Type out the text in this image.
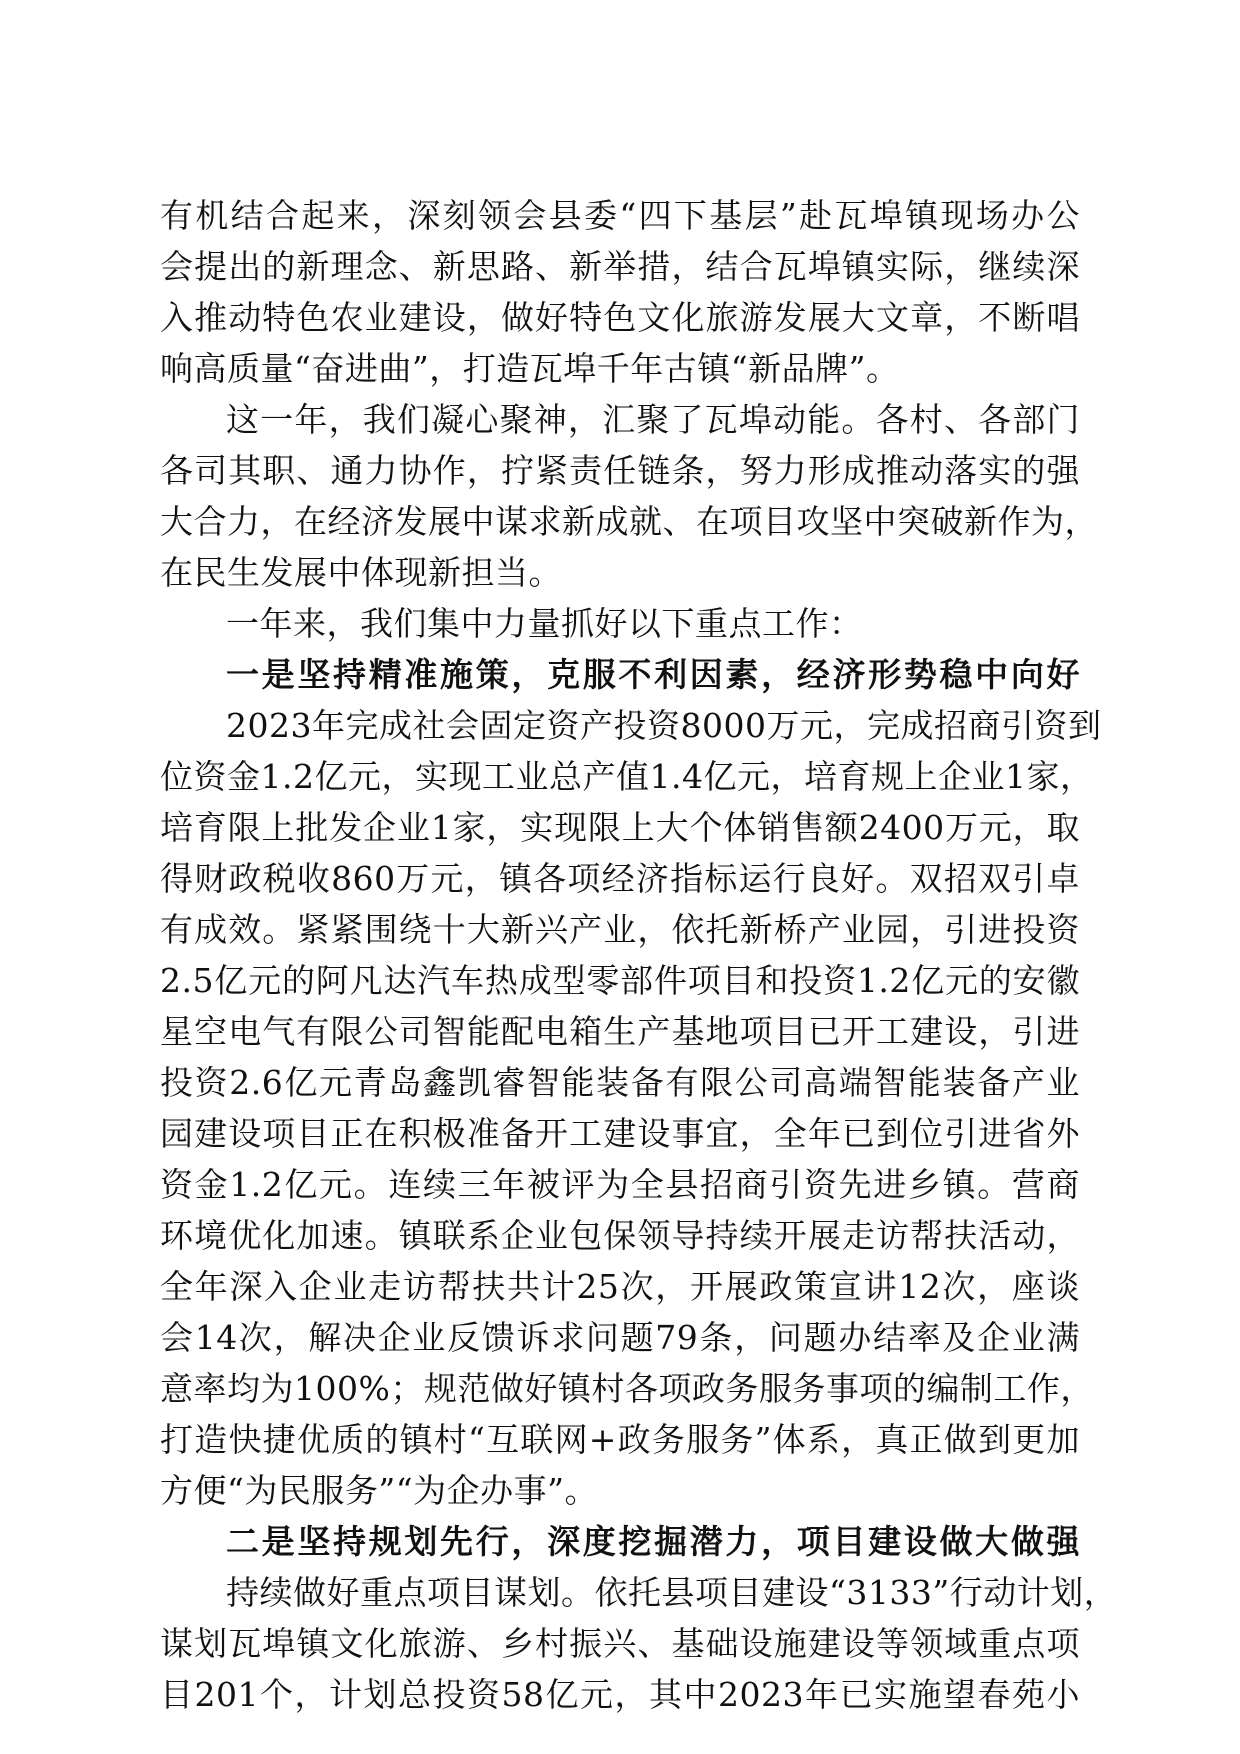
有机结合起来，深刻领会县委“四下基层”赴瓦埠镇现场办公
会提出的新理念、新思路、新举措，结合瓦埠镇实际，继续深
入推动特色农业建设，做好特色文化旅游发展大文章，不断唱
响高质量“奋进曲”，打造瓦埠千年古镇“新品牌”。
这一年，我们凝心聚神，汇聚了瓦埠动能。各村、各部门
各司其职、通力协作，拧紧责任链条，努力形成推动落实的强
大合力，在经济发展中谋求新成就、在项目攻坚中突破新作为，
在民生发展中体现新担当。
一年来，我们集中力量抓好以下重点工作：
一是坚持精准施策，克服不利因素，经济形势稳中向好
2023年完成社会固定资产投资8000万元，完成招商引资到
位资金1.2亿元，实现工业总产值1.4亿元，培育规上企业1家，
培育限上批发企业1家，实现限上大个体销售额2400万元，取
得财政税收860万元，镇各项经济指标运行良好。双招双引卓
有成效。紧紧围绕十大新兴产业，依托新桥产业园，引进投资
2.5亿元的阿凡达汽车热成型零部件项目和投资1.2亿元的安徽
星空电气有限公司智能配电箱生产基地项目已开工建设，引进
投资2.6亿元青岛鑫凯睿智能装备有限公司高端智能装备产业
园建设项目正在积极准备开工建设事宜，全年已到位引进省外
资金1.2亿元。连续三年被评为全县招商引资先进乡镇。营商
环境优化加速。镇联系企业包保领导持续开展走访帮扶活动，
全年深入企业走访帮扶共计25次，开展政策宣讲12次，座谈
会14次，解决企业反馈诉求问题79条，问题办结率及企业满
意率均为100%；规范做好镇村各项政务服务事项的编制工作，
打造快捷优质的镇村“互联网+政务服务”体系，真正做到更加
方便“为民服务”“为企办事”。
二是坚持规划先行，深度挖掘潜力，项目建设做大做强
持续做好重点项目谋划。依托县项目建设“3133”行动计划，
谋划瓦埠镇文化旅游、乡村振兴、基础设施建设等领域重点项
目201个，计划总投资58亿元，其中2023年已实施望春苑小
